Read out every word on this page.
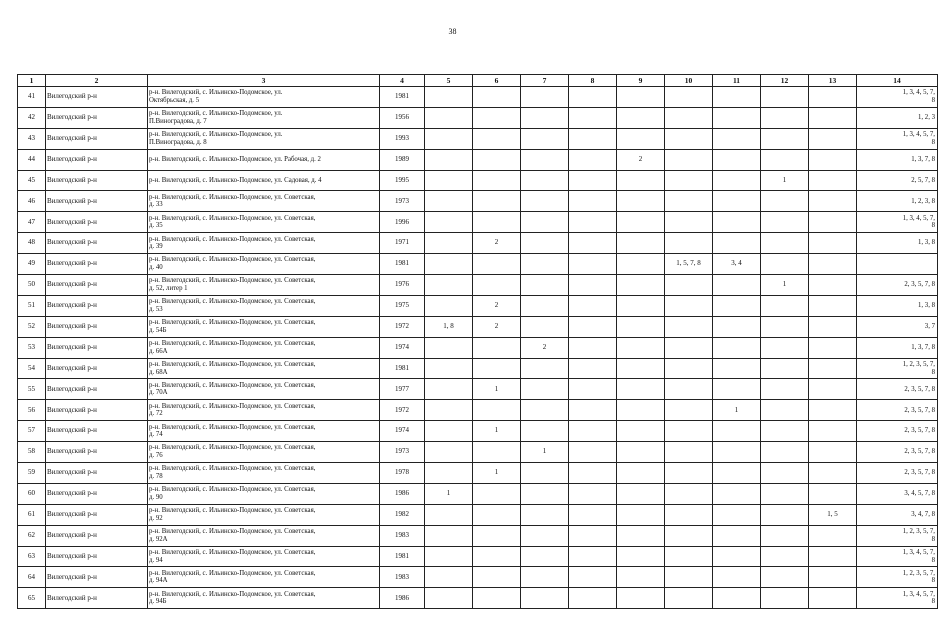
38
1	2	3	4	5	6	7	8	9	10	11	12	13	14
41	Вилегодский р-н	р-н. Вилегодский, с. Ильинско-Подомское, ул.
Октябрьская, д. 5	1981										1, 3, 4, 5, 7,
8
42	Вилегодский р-н	р-н. Вилегодский, с. Ильинско-Подомское, ул.
П.Виноградова, д. 7	1956										1, 2, 3
43	Вилегодский р-н	р-н. Вилегодский, с. Ильинско-Подомское, ул.
П.Виноградова, д. 8	1993										1, 3, 4, 5, 7,
8
44	Вилегодский р-н	р-н. Вилегодский, с. Ильинско-Подомское, ул. Рабочая, д. 2	1989					2					1, 3, 7, 8
45	Вилегодский р-н	р-н. Вилегодский, с. Ильинско-Подомское, ул. Садовая, д. 4	1995								1		2, 5, 7, 8
46	Вилегодский р-н	р-н. Вилегодский, с. Ильинско-Подомское, ул. Советская,
д. 33	1973										1, 2, 3, 8
47	Вилегодский р-н	р-н. Вилегодский, с. Ильинско-Подомское, ул. Советская,
д. 35	1996										1, 3, 4, 5, 7,
8
48	Вилегодский р-н	р-н. Вилегодский, с. Ильинско-Подомское, ул. Советская,
д. 39	1971		2								1, 3, 8
49	Вилегодский р-н	р-н. Вилегодский, с. Ильинско-Подомское, ул. Советская,
д. 40	1981						1, 5, 7, 8	3, 4			
50	Вилегодский р-н	р-н. Вилегодский, с. Ильинско-Подомское, ул. Советская,
д. 52, литер 1	1976								1		2, 3, 5, 7, 8
51	Вилегодский р-н	р-н. Вилегодский, с. Ильинско-Подомское, ул. Советская,
д. 53	1975		2								1, 3, 8
52	Вилегодский р-н	р-н. Вилегодский, с. Ильинско-Подомское, ул. Советская,
д. 54Б	1972	1, 8	2								3, 7
53	Вилегодский р-н	р-н. Вилегодский, с. Ильинско-Подомское, ул. Советская,
д. 66А	1974			2							1, 3, 7, 8
54	Вилегодский р-н	р-н. Вилегодский, с. Ильинско-Подомское, ул. Советская,
д. 68А	1981										1, 2, 3, 5, 7,
8
55	Вилегодский р-н	р-н. Вилегодский, с. Ильинско-Подомское, ул. Советская,
д. 70А	1977		1								2, 3, 5, 7, 8
56	Вилегодский р-н	р-н. Вилегодский, с. Ильинско-Подомское, ул. Советская,
д. 72	1972							1			2, 3, 5, 7, 8
57	Вилегодский р-н	р-н. Вилегодский, с. Ильинско-Подомское, ул. Советская,
д. 74	1974		1								2, 3, 5, 7, 8
58	Вилегодский р-н	р-н. Вилегодский, с. Ильинско-Подомское, ул. Советская,
д. 76	1973			1							2, 3, 5, 7, 8
59	Вилегодский р-н	р-н. Вилегодский, с. Ильинско-Подомское, ул. Советская,
д. 78	1978		1								2, 3, 5, 7, 8
60	Вилегодский р-н	р-н. Вилегодский, с. Ильинско-Подомское, ул. Советская,
д. 90	1986	1									3, 4, 5, 7, 8
61	Вилегодский р-н	р-н. Вилегодский, с. Ильинско-Подомское, ул. Советская,
д. 92	1982									1, 5	3, 4, 7, 8
62	Вилегодский р-н	р-н. Вилегодский, с. Ильинско-Подомское, ул. Советская,
д. 92А	1983										1, 2, 3, 5, 7,
8
63	Вилегодский р-н	р-н. Вилегодский, с. Ильинско-Подомское, ул. Советская,
д. 94	1981										1, 3, 4, 5, 7,
8
64	Вилегодский р-н	р-н. Вилегодский, с. Ильинско-Подомское, ул. Советская,
д. 94А	1983										1, 2, 3, 5, 7,
8
65	Вилегодский р-н	р-н. Вилегодский, с. Ильинско-Подомское, ул. Советская,
д. 94Б	1986										1, 3, 4, 5, 7,
8
